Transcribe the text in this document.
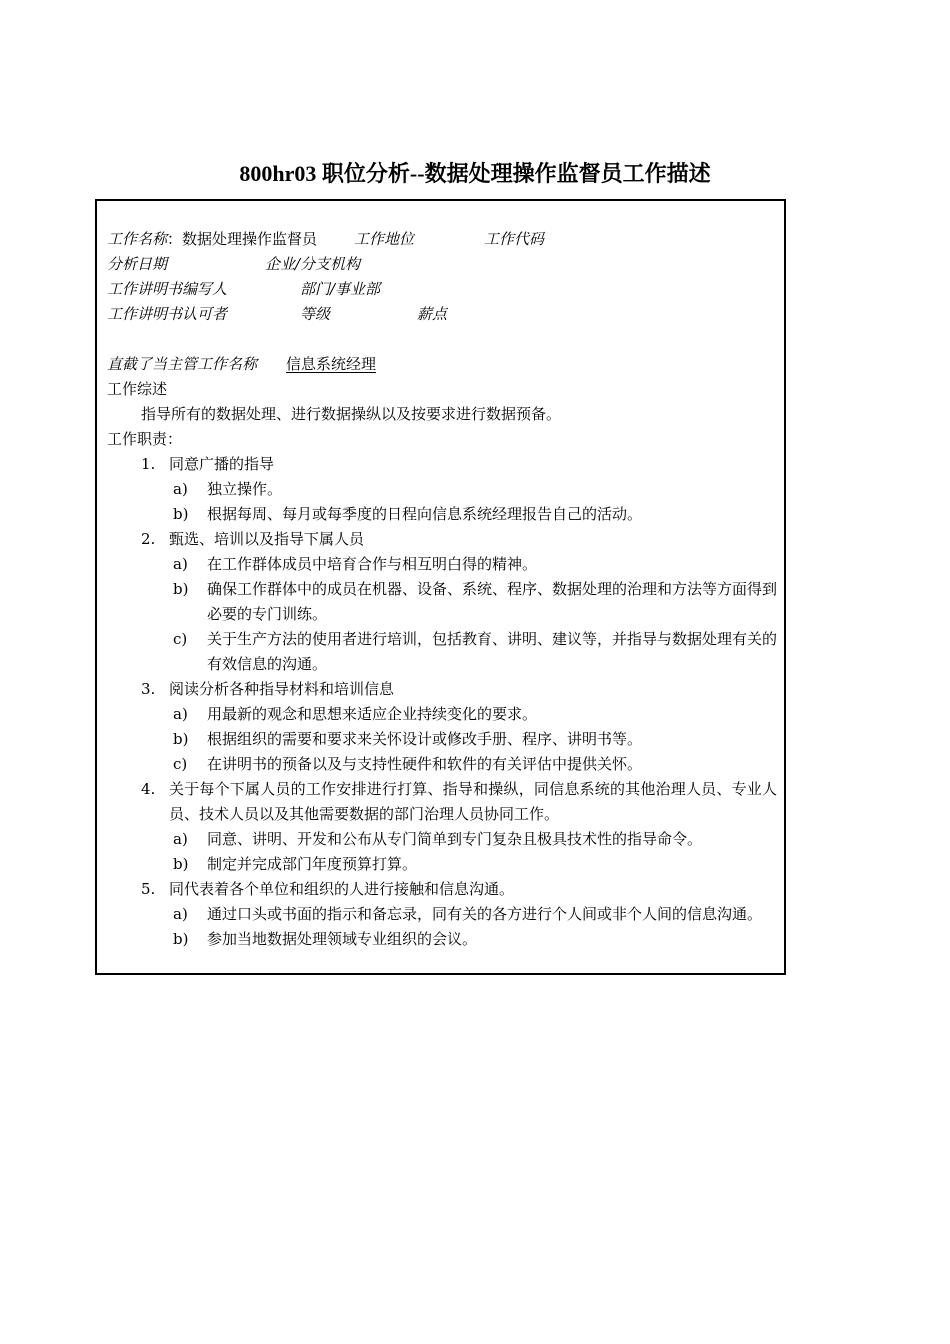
800hr03 职位分析--数据处理操作监督员工作描述
工作名称：数据处理操作监督员 工作地位	工作代码
分析日期	企业/分支机构
工作讲明书编写人	部门/事业部
工作讲明书认可者	等级	薪点
直截了当主管工作名称 信息系统经理
工作综述
指导所有的数据处理、进行数据操纵以及按要求进行数据预备。
工作职责：
1. 同意广播的指导
a) 独立操作。
b) 根据每周、每月或每季度的日程向信息系统经理报告自己的活动。
2. 甄选、培训以及指导下属人员
a) 在工作群体成员中培育合作与相互明白得的精神。
b) 确保工作群体中的成员在机器、设备、系统、程序、数据处理的治理和方法等方面得到必要的专门训练。
c) 关于生产方法的使用者进行培训，包括教育、讲明、建议等，并指导与数据处理有关的有效信息的沟通。
3. 阅读分析各种指导材料和培训信息
a) 用最新的观念和思想来适应企业持续变化的要求。
b) 根据组织的需要和要求来关怀设计或修改手册、程序、讲明书等。
c) 在讲明书的预备以及与支持性硬件和软件的有关评估中提供关怀。
4. 关于每个下属人员的工作安排进行打算、指导和操纵，同信息系统的其他治理人员、专业人员、技术人员以及其他需要数据的部门治理人员协同工作。
a) 同意、讲明、开发和公布从专门简单到专门复杂且极具技术性的指导命令。
b) 制定并完成部门年度预算打算。
5. 同代表着各个单位和组织的人进行接触和信息沟通。
a) 通过口头或书面的指示和备忘录，同有关的各方进行个人间或非个人间的信息沟通。
b) 参加当地数据处理领域专业组织的会议。
